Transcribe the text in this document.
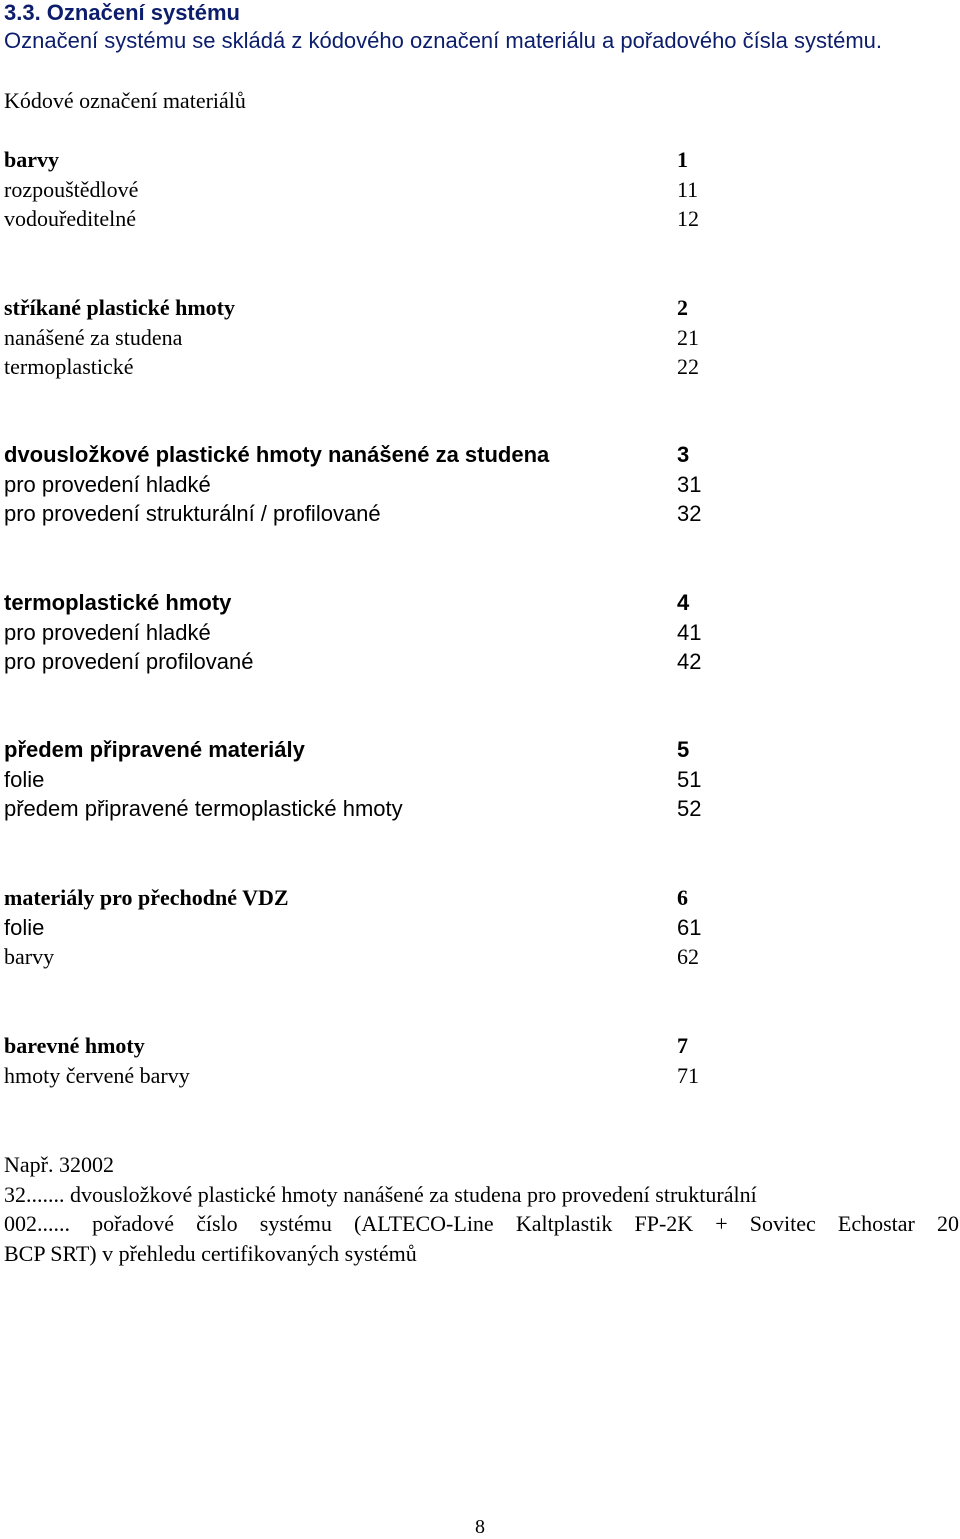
3.3. Označení systému
Označení systému se skládá z kódového označení materiálu a pořadového čísla systému.
Kódové označení materiálů
barvy	1
rozpouštědlové	11
vodouředitelné	12
stříkané plastické hmoty	2
nanášené za studena	21
termoplastické	22
dvousložkové plastické hmoty nanášené za studena	3
pro provedení hladké	31
pro provedení strukturální / profilované	32
termoplastické hmoty	4
pro provedení hladké	41
pro provedení profilované	42
předem připravené materiály	5
folie	51
předem připravené termoplastické hmoty	52
materiály pro přechodné VDZ	6
folie	61
barvy	62
barevné hmoty	7
hmoty červené barvy	71
Např. 32002
32....... dvousložkové plastické hmoty nanášené za studena pro provedení strukturální
002...... pořadové číslo systému (ALTECO-Line Kaltplastik FP-2K + Sovitec Echostar 20
BCP SRT) v přehledu certifikovaných systémů
8
